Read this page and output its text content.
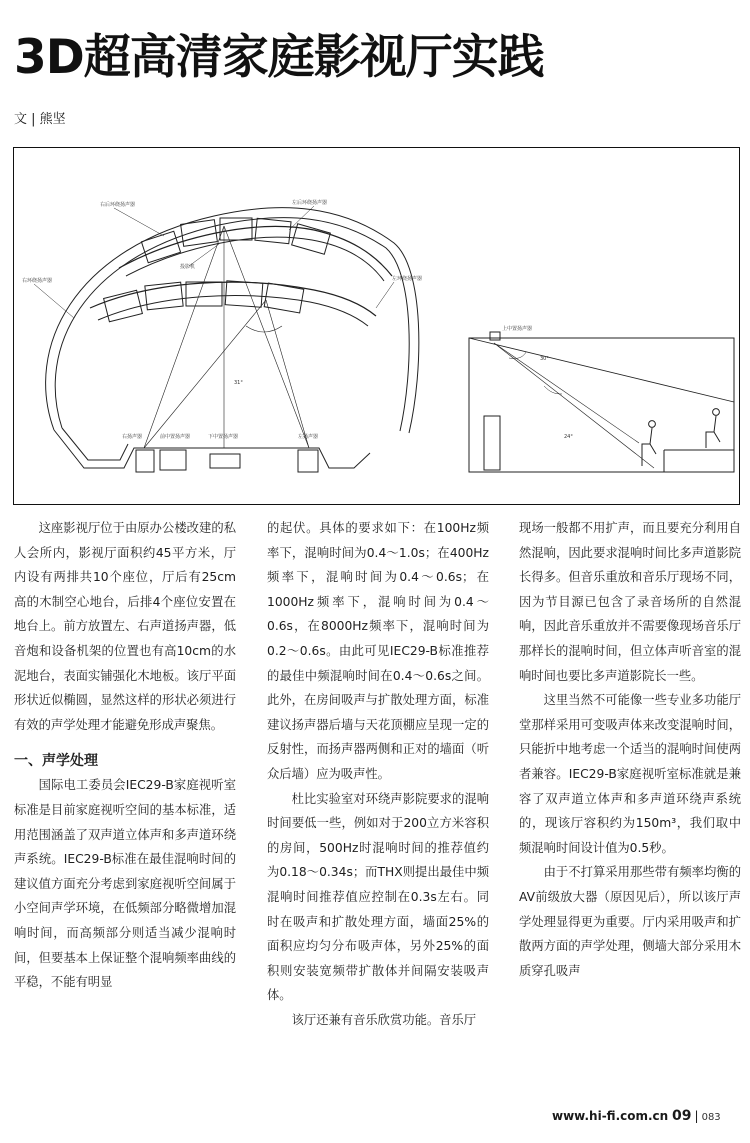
3D超高清家庭影视厅实践
文 | 熊坚
右后环绕扬声器	左后环绕扬声器
投影机
右环绕扬声器	左环绕扬声器
右扬声器	前中置扬声器	下中置扬声器	左扬声器
上中置扬声器
31°
30°
24°

这座影视厅位于由原办公楼改建的私人会所内，影视厅面积约45平方米，厅内设有两排共10个座位，厅后有25cm高的木制空心地台，后排4个座位安置在地台上。前方放置左、右声道扬声器，低音炮和设备机架的位置也有高10cm的水泥地台，表面实铺强化木地板。该厅平面形状近似椭圆，显然这样的形状必须进行有效的声学处理才能避免形成声聚焦。

一、声学处理

国际电工委员会IEC29-B家庭视听室标准是目前家庭视听空间的基本标准，适用范围涵盖了双声道立体声和多声道环绕声系统。IEC29-B标准在最佳混响时间的建议值方面充分考虑到家庭视听空间属于小空间声学环境，在低频部分略微增加混响时间，而高频部分则适当减少混响时间，但要基本上保证整个混响频率曲线的平稳，不能有明显

的起伏。具体的要求如下：在100Hz频率下，混响时间为0.4～1.0s；在400Hz频率下，混响时间为0.4～0.6s；在1000Hz频率下，混响时间为0.4～0.6s，在8000Hz频率下，混响时间为0.2～0.6s。由此可见IEC29-B标准推荐的最佳中频混响时间在0.4～0.6s之间。此外，在房间吸声与扩散处理方面，标准建议扬声器后墙与天花顶棚应呈现一定的反射性，而扬声器两侧和正对的墙面（听众后墙）应为吸声性。

杜比实验室对环绕声影院要求的混响时间要低一些，例如对于200立方米容积的房间，500Hz时混响时间的推荐值约为0.18～0.34s；而THX则提出最佳中频混响时间推荐值应控制在0.3s左右。同时在吸声和扩散处理方面，墙面25%的面积应均匀分布吸声体，另外25%的面积则安装宽频带扩散体并间隔安装吸声体。

该厅还兼有音乐欣赏功能。音乐厅

现场一般都不用扩声，而且要充分利用自然混响，因此要求混响时间比多声道影院长得多。但音乐重放和音乐厅现场不同，因为节目源已包含了录音场所的自然混响，因此音乐重放并不需要像现场音乐厅那样长的混响时间，但立体声听音室的混响时间也要比多声道影院长一些。

这里当然不可能像一些专业多功能厅堂那样采用可变吸声体来改变混响时间，只能折中地考虑一个适当的混响时间使两者兼容。IEC29-B家庭视听室标准就是兼容了双声道立体声和多声道环绕声系统的，现该厅容积约为150m³，我们取中频混响时间设计值为0.5秒。

由于不打算采用那些带有频率均衡的AV前级放大器（原因见后），所以该厅声学处理显得更为重要。厅内采用吸声和扩散两方面的声学处理，侧墙大部分采用木质穿孔吸声

www.hi-fi.com.cn 09 | 083
